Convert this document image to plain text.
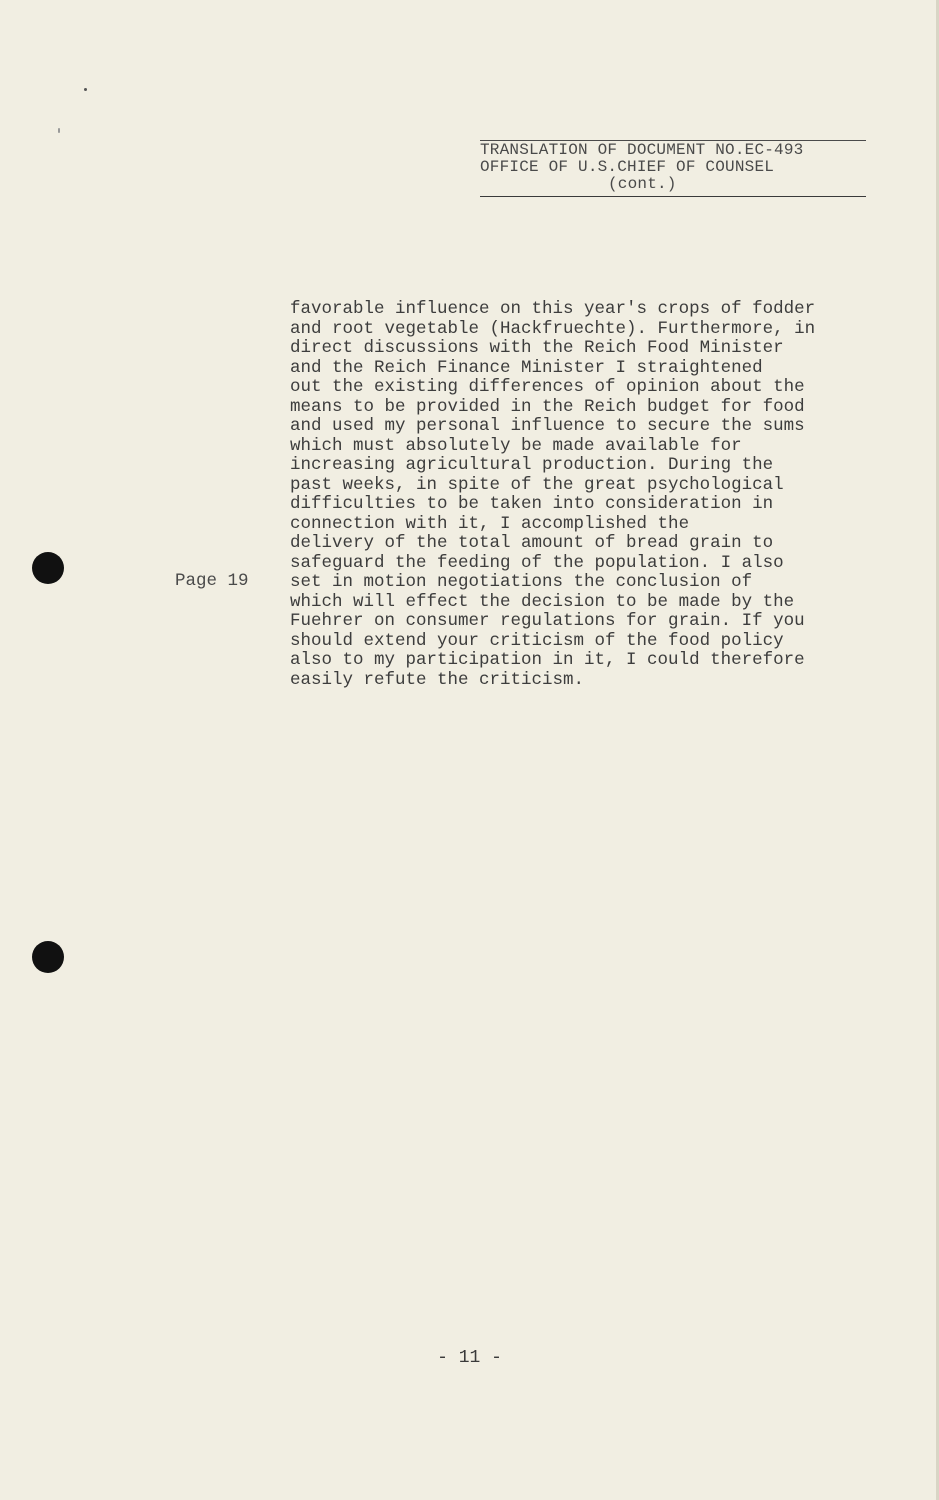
TRANSLATION OF DOCUMENT NO.EC-493
OFFICE OF U.S.CHIEF OF COUNSEL
(cont.)
favorable influence on this year's crops of fodder
and root vegetable (Hackfruechte). Furthermore, in
direct discussions with the Reich Food Minister
and the Reich Finance Minister I straightened
out the existing differences of opinion about the
means to be provided in the Reich budget for food
and used my personal influence to secure the sums
which must absolutely be made available for
increasing agricultural production. During the
past weeks, in spite of the great psychological
difficulties to be taken into consideration in
connection with it, I accomplished the
delivery of the total amount of bread grain to
safeguard the feeding of the population. I also
set in motion negotiations the conclusion of
which will effect the decision to be made by the
Fuehrer on consumer regulations for grain. If you
should extend your criticism of the food policy
also to my participation in it, I could therefore
easily refute the criticism.
Page 19
- 11 -
